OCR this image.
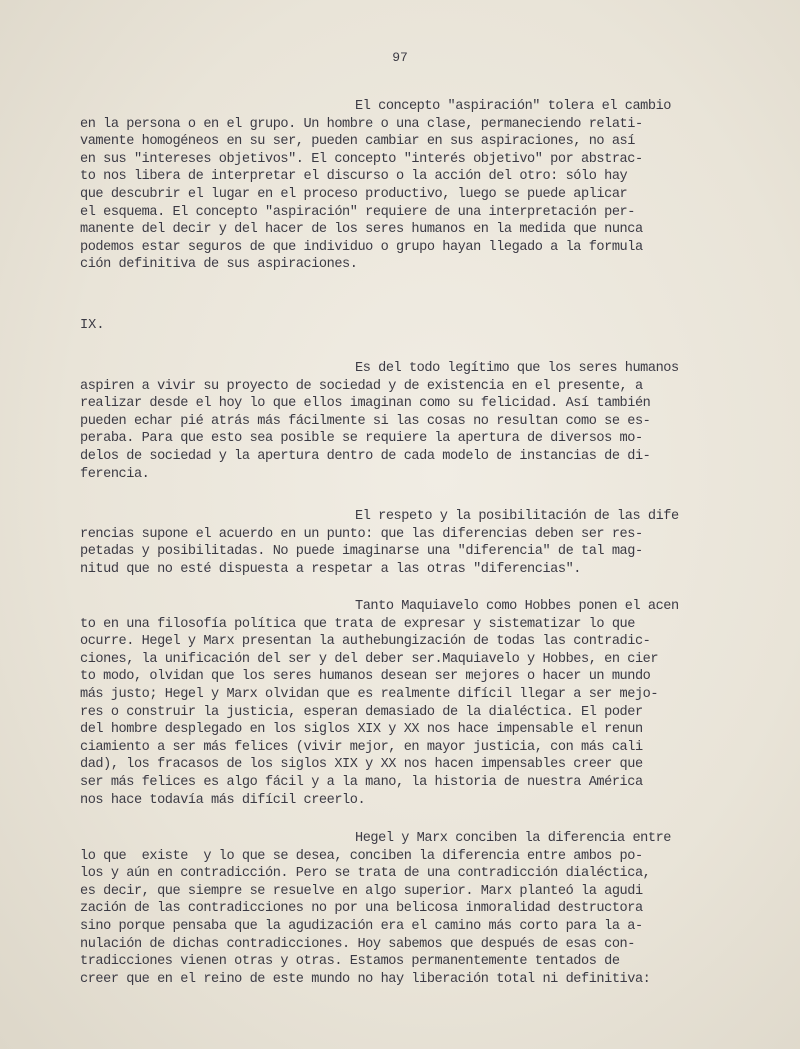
97
El concepto "aspiración" tolera el cambio
en la persona o en el grupo. Un hombre o una clase, permaneciendo relati-
vamente homogéneos en su ser, pueden cambiar en sus aspiraciones, no así
en sus "intereses objetivos". El concepto "interés objetivo" por abstrac-
to nos libera de interpretar el discurso o la acción del otro: sólo hay
que descubrir el lugar en el proceso productivo, luego se puede aplicar
el esquema. El concepto "aspiración" requiere de una interpretación per-
manente del decir y del hacer de los seres humanos en la medida que nunca
podemos estar seguros de que individuo o grupo hayan llegado a la formula
ción definitiva de sus aspiraciones.
IX.
Es del todo legítimo que los seres humanos
aspiren a vivir su proyecto de sociedad y de existencia en el presente, a
realizar desde el hoy lo que ellos imaginan como su felicidad. Así también
pueden echar pié atrás más fácilmente si las cosas no resultan como se es-
peraba. Para que esto sea posible se requiere la apertura de diversos mo-
delos de sociedad y la apertura dentro de cada modelo de instancias de di-
ferencia.
El respeto y la posibilitación de las dife
rencias supone el acuerdo en un punto: que las diferencias deben ser res-
petadas y posibilitadas. No puede imaginarse una "diferencia" de tal mag-
nitud que no esté dispuesta a respetar a las otras "diferencias".
Tanto Maquiavelo como Hobbes ponen el acen
to en una filosofía política que trata de expresar y sistematizar lo que
ocurre. Hegel y Marx presentan la authebungización de todas las contradic-
ciones, la unificación del ser y del deber ser.Maquiavelo y Hobbes, en cier
to modo, olvidan que los seres humanos desean ser mejores o hacer un mundo
más justo; Hegel y Marx olvidan que es realmente difícil llegar a ser mejo-
res o construir la justicia, esperan demasiado de la dialéctica. El poder
del hombre desplegado en los siglos XIX y XX nos hace impensable el renun
ciamiento a ser más felices (vivir mejor, en mayor justicia, con más cali
dad), los fracasos de los siglos XIX y XX nos hacen impensables creer que
ser más felices es algo fácil y a la mano, la historia de nuestra América
nos hace todavía más difícil creerlo.
Hegel y Marx conciben la diferencia entre
lo que  existe  y lo que se desea, conciben la diferencia entre ambos po-
los y aún en contradicción. Pero se trata de una contradicción dialéctica,
es decir, que siempre se resuelve en algo superior. Marx planteó la agudi
zación de las contradicciones no por una belicosa inmoralidad destructora
sino porque pensaba que la agudización era el camino más corto para la a-
nulación de dichas contradicciones. Hoy sabemos que después de esas con-
tradicciones vienen otras y otras. Estamos permanentemente tentados de
creer que en el reino de este mundo no hay liberación total ni definitiva:
